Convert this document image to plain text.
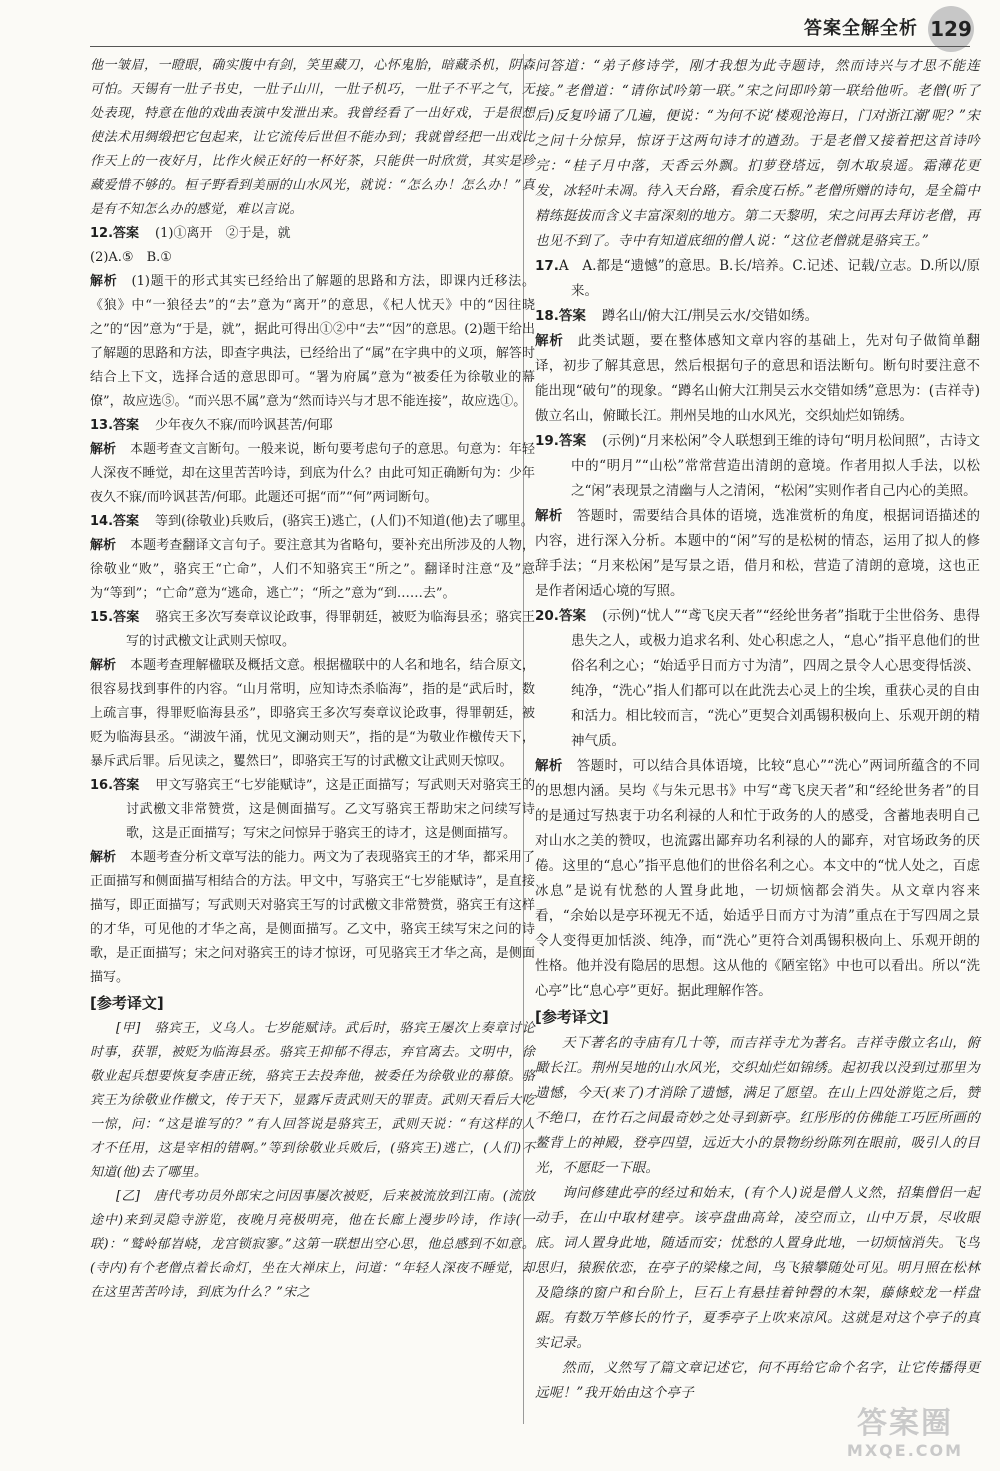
答案全解全析 129

他一皱眉，一瞪眼，确实腹中有剑，笑里藏刀，心怀鬼胎，暗藏杀机，阴森可怕。天锡有一肚子书史，一肚子山川，一肚子机巧，一肚子不平之气，无处表现，特意在他的戏曲表演中发泄出来。我曾经看了一出好戏，于是很想使法术用绸缎把它包起来，让它流传后世但不能办到；我就曾经把一出戏比作天上的一夜好月，比作火候正好的一杯好茶，只能供一时欣赏，其实是珍藏爱惜不够的。桓子野看到美丽的山水风光，就说：“怎么办！怎么办！”真是有不知怎么办的感觉，难以言说。

12.答案 (1)①离开　②于是，就

(2)A.⑤　B.①

解析 (1)题干的形式其实已经给出了解题的思路和方法，即课内迁移法。《狼》中“一狼径去”的“去”意为“离开”的意思，《杞人忧天》中的“因往晓之”的“因”意为“于是，就”，据此可得出①②中“去”“因”的意思。(2)题干给出了解题的思路和方法，即查字典法，已经给出了“属”在字典中的义项，解答时结合上下文，选择合适的意思即可。“署为府属”意为“被委任为徐敬业的幕僚”，故应选⑤。“而兴思不属”意为“然而诗兴与才思不能连接”，故应选①。

13.答案 少年夜久不寐/而吟讽甚苦/何耶

解析 本题考查文言断句。一般来说，断句要考虑句子的意思。句意为：年轻人深夜不睡觉，却在这里苦苦吟诗，到底为什么？由此可知正确断句为：少年夜久不寐/而吟讽甚苦/何耶。此题还可据“而”“何”两词断句。

14.答案 等到(徐敬业)兵败后，(骆宾王)逃亡，(人们)不知道(他)去了哪里。

解析 本题考查翻译文言句子。要注意其为省略句，要补充出所涉及的人物，徐敬业“败”，骆宾王“亡命”，人们不知骆宾王“所之”。翻译时注意“及”意为“等到”；“亡命”意为“逃命，逃亡”；“所之”意为“到……去”。

15.答案 骆宾王多次写奏章议论政事，得罪朝廷，被贬为临海县丞；骆宾王写的讨武檄文让武则天惊叹。

解析 本题考查理解楹联及概括文意。根据楹联中的人名和地名，结合原文，很容易找到事件的内容。“山月常明，应知诗杰杀临海”，指的是“武后时，数上疏言事，得罪贬临海县丞”，即骆宾王多次写奏章议论政事，得罪朝廷，被贬为临海县丞。“湖波午涌，忧见文澜动则天”，指的是“为敬业作檄传天下，暴斥武后罪。后见读之，矍然曰”，即骆宾王写的讨武檄文让武则天惊叹。

16.答案 甲文写骆宾王“七岁能赋诗”，这是正面描写；写武则天对骆宾王的讨武檄文非常赞赏，这是侧面描写。乙文写骆宾王帮助宋之问续写诗歌，这是正面描写；写宋之问惊异于骆宾王的诗才，这是侧面描写。

解析 本题考查分析文章写法的能力。两文为了表现骆宾王的才华，都采用了正面描写和侧面描写相结合的方法。甲文中，写骆宾王“七岁能赋诗”，是直接描写，即正面描写；写武则天对骆宾王写的讨武檄文非常赞赏，骆宾王有这样的才华，可见他的才华之高，是侧面描写。乙文中，骆宾王续写宋之问的诗歌，是正面描写；宋之问对骆宾王的诗才惊讶，可见骆宾王才华之高，是侧面描写。

[参考译文]

[甲]　骆宾王，义乌人。七岁能赋诗。武后时，骆宾王屡次上奏章讨论时事，获罪，被贬为临海县丞。骆宾王抑郁不得志，弃官离去。文明中，徐敬业起兵想要恢复李唐正统，骆宾王去投奔他，被委任为徐敬业的幕僚。骆宾王为徐敬业作檄文，传于天下，显露斥责武则天的罪责。武则天看后大吃一惊，问：“这是谁写的？”有人回答说是骆宾王，武则天说：“有这样的人才不任用，这是宰相的错啊。”等到徐敬业兵败后，(骆宾王)逃亡，(人们)不知道(他)去了哪里。

[乙]　唐代考功员外郎宋之问因事屡次被贬，后来被流放到江南。(流放途中)来到灵隐寺游览，夜晚月亮极明亮，他在长廊上漫步吟诗，作诗(一联)：“鹫岭郁岧峣，龙宫锁寂寥。”这第一联想出空心思，他总感到不如意。(寺内)有个老僧点着长命灯，坐在大禅床上，问道：“年轻人深夜不睡觉，却在这里苦苦吟诗，到底为什么？”宋之

问答道：“弟子修诗学，刚才我想为此寺题诗，然而诗兴与才思不能连接。”老僧道：“请你试吟第一联。”宋之问即吟第一联给他听。老僧(听了后)反复吟诵了几遍，便说：“为何不说‘楼观沧海日，门对浙江潮’呢？”宋之问十分惊异，惊讶于这两句诗才的遒劲。于是老僧又接着把这首诗吟完：“桂子月中落，天香云外飘。扪萝登塔远，刳木取泉遥。霜薄花更发，冰轻叶未凋。待入天台路，看余度石桥。”老僧所赠的诗句，是全篇中精练挺拔而含义丰富深刻的地方。第二天黎明，宋之问再去拜访老僧，再也见不到了。寺中有知道底细的僧人说：“这位老僧就是骆宾王。”

17.A　A.都是“遗憾”的意思。B.长/培养。C.记述、记载/立志。D.所以/原来。

18.答案 蹲名山/俯大江/荆吴云水/交错如绣。

解析 此类试题，要在整体感知文章内容的基础上，先对句子做简单翻译，初步了解其意思，然后根据句子的意思和语法断句。断句时要注意不能出现“破句”的现象。“蹲名山俯大江荆吴云水交错如绣”意思为：(吉祥寺)傲立名山，俯瞰长江。荆州吴地的山水风光，交织灿烂如锦绣。

19.答案 (示例)“月来松闲”令人联想到王维的诗句“明月松间照”，古诗文中的“明月”“山松”常常营造出清朗的意境。作者用拟人手法，以松之“闲”表现景之清幽与人之清闲，“松闲”实则作者自己内心的美照。

解析 答题时，需要结合具体的语境，选准赏析的角度，根据词语描述的内容，进行深入分析。本题中的“闲”写的是松树的情态，运用了拟人的修辞手法；“月来松闲”是写景之语，借月和松，营造了清朗的意境，这也正是作者闲适心境的写照。

20.答案 (示例)“忧人”“鸢飞戾天者”“经纶世务者”指耽于尘世俗务、患得患失之人，或极力追求名利、处心积虑之人，“息心”指平息他们的世俗名利之心；“始适乎日而方寸为清”，四周之景令人心思变得恬淡、纯净，“洗心”指人们都可以在此洗去心灵上的尘埃，重获心灵的自由和活力。相比较而言，“洗心”更契合刘禹锡积极向上、乐观开朗的精神气质。

解析 答题时，可以结合具体语境，比较“息心”“洗心”两词所蕴含的不同的思想内涵。吴均《与朱元思书》中写“鸢飞戾天者”和“经纶世务者”的目的是通过写热衷于功名利禄的人和忙于政务的人的感受，含蓄地表明自己对山水之美的赞叹，也流露出鄙弃功名利禄的人的鄙弃，对官场政务的厌倦。这里的“息心”指平息他们的世俗名利之心。本文中的“忧人处之，百虑冰息”是说有忧愁的人置身此地，一切烦恼都会消失。从文章内容来看，“余始以是亭环视无不适，始适乎日而方寸为清”重点在于写四周之景令人变得更加恬淡、纯净，而“洗心”更符合刘禹锡积极向上、乐观开朗的性格。他并没有隐居的思想。这从他的《陋室铭》中也可以看出。所以“洗心亭”比“息心亭”更好。据此理解作答。

[参考译文]

天下著名的寺庙有几十等，而吉祥寺尤为著名。吉祥寺傲立名山，俯瞰长江。荆州吴地的山水风光，交织灿烂如锦绣。起初我以没到过那里为遗憾，今天(来了)才消除了遗憾，满足了愿望。在山上四处游览之后，赞不绝口，在竹石之间最奇妙之处寻到新亭。红彤彤的仿佛能工巧匠所画的鳌背上的神殿，登亭四望，远近大小的景物纷纷陈列在眼前，吸引人的目光，不愿眨一下眼。

询问修建此亭的经过和始末，(有个人)说是僧人义然，招集僧侣一起动手，在山中取材建亭。该亭盘曲高耸，凌空而立，山中万景，尽收眼底。词人置身此地，随适而安；忧愁的人置身此地，一切烦恼消失。飞鸟思归，猿猴依恋，在亭子的梁椽之间，鸟飞猿攀随处可见。明月照在松林及隐绦的窗户和台阶上，巨石上有悬挂着钟磬的木架，藤條蛟龙一样盘踞。有数万竿修长的竹子，夏季亭子上吹来凉风。这就是对这个亭子的真实记录。

然而，义然写了篇文章记述它，何不再给它命个名字，让它传播得更远呢！”我开始由这个亭子

答案圈
MXQE.COM
